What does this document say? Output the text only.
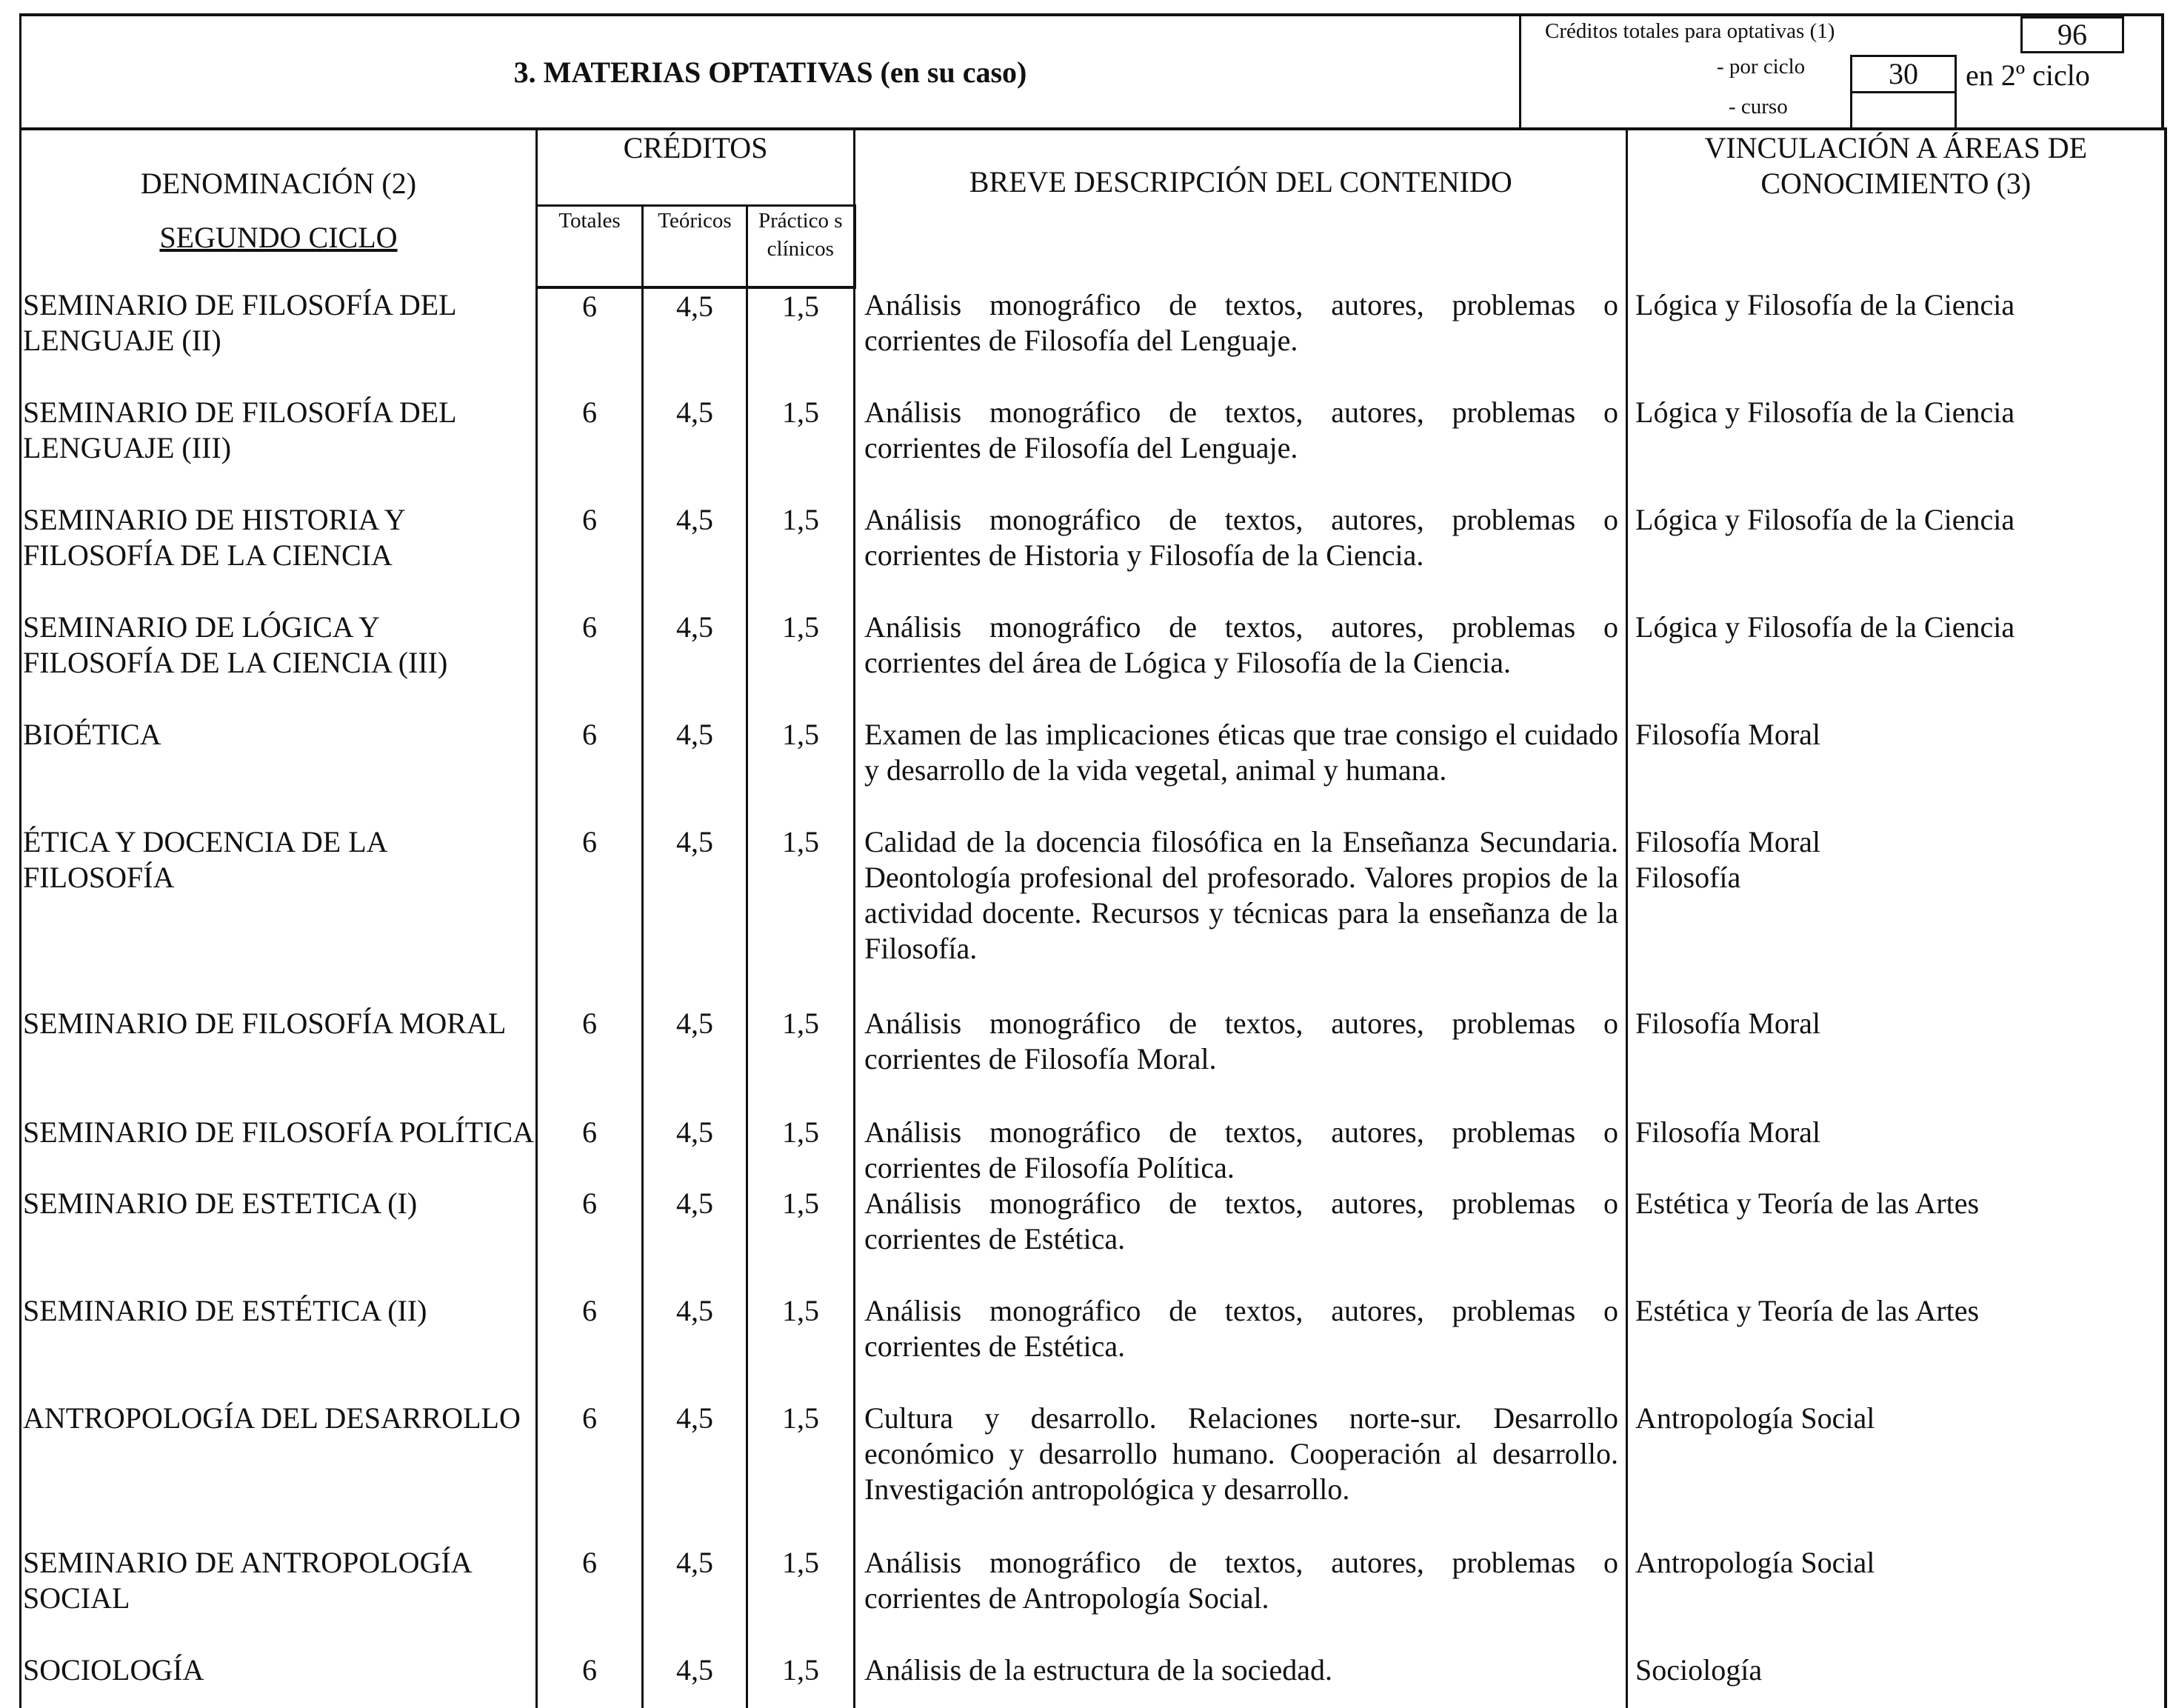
3. MATERIAS OPTATIVAS (en su caso)
Créditos totales para optativas (1)	96
- por ciclo	30	en 2º ciclo
- curso
DENOMINACIÓN (2)
SEGUNDO CICLO	CRÉDITOS			BREVE DESCRIPCIÓN DEL CONTENIDO	VINCULACIÓN A ÁREAS DE CONOCIMIENTO (3)
	Totales	Teóricos	Práctico s clínicos		
SEMINARIO DE FILOSOFÍA DEL LENGUAJE (II)	6	4,5	1,5	Análisis monográfico de textos, autores, problemas o corrientes de Filosofía del Lenguaje.	Lógica y Filosofía de la Ciencia
SEMINARIO DE FILOSOFÍA DEL LENGUAJE (III)	6	4,5	1,5	Análisis monográfico de textos, autores, problemas o corrientes de Filosofía del Lenguaje.	Lógica y Filosofía de la Ciencia
SEMINARIO DE HISTORIA Y FILOSOFÍA DE LA CIENCIA	6	4,5	1,5	Análisis monográfico de textos, autores, problemas o corrientes de Historia y Filosofía de la Ciencia.	Lógica y Filosofía de la Ciencia
SEMINARIO DE LÓGICA Y FILOSOFÍA DE LA CIENCIA (III)	6	4,5	1,5	Análisis monográfico de textos, autores, problemas o corrientes del área de Lógica y Filosofía de la Ciencia.	Lógica y Filosofía de la Ciencia
BIOÉTICA	6	4,5	1,5	Examen de las implicaciones éticas que trae consigo el cuidado y desarrollo de la vida vegetal, animal y humana.	Filosofía Moral
ÉTICA Y DOCENCIA DE LA FILOSOFÍA	6	4,5	1,5	Calidad de la docencia filosófica en la Enseñanza Secundaria. Deontología profesional del profesorado. Valores propios de la actividad docente. Recursos y técnicas para la enseñanza de la Filosofía.	Filosofía Moral Filosofía

SEMINARIO DE FILOSOFÍA MORAL	6	4,5	1,5	Análisis monográfico de textos, autores, problemas o corrientes de Filosofía Moral.	Filosofía Moral
SEMINARIO DE FILOSOFÍA POLÍTICA	6	4,5	1,5	Análisis monográfico de textos, autores, problemas o corrientes de Filosofía Política.	Filosofía Moral
SEMINARIO DE ESTETICA (I)	6	4,5	1,5	Análisis monográfico de textos, autores, problemas o corrientes de Estética.	Estética y Teoría de las Artes
SEMINARIO DE ESTÉTICA (II)	6	4,5	1,5	Análisis monográfico de textos, autores, problemas o corrientes de Estética.	Estética y Teoría de las Artes
ANTROPOLOGÍA DEL DESARROLLO	6	4,5	1,5	Cultura y desarrollo. Relaciones norte-sur. Desarrollo económico y desarrollo humano. Cooperación al desarrollo. Investigación antropológica y desarrollo.	Antropología Social
SEMINARIO DE ANTROPOLOGÍA SOCIAL	6	4,5	1,5	Análisis monográfico de textos, autores, problemas o corrientes de Antropología Social.	Antropología Social
SOCIOLOGÍA	6	4,5	1,5	Análisis de la estructura de la sociedad.	Sociología
